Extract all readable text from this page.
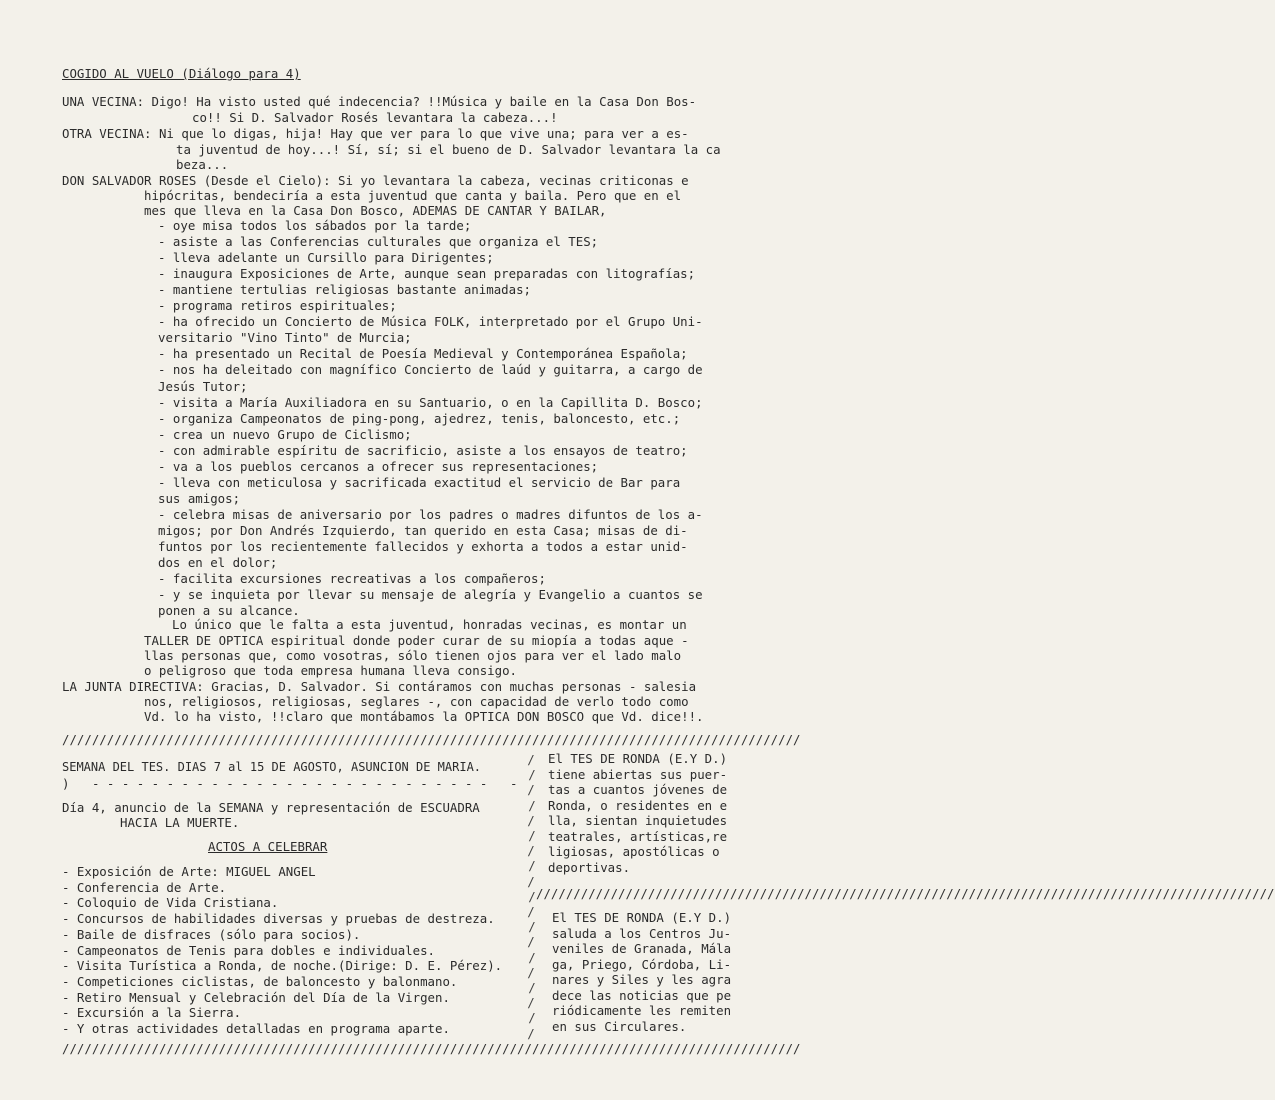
COGIDO AL VUELO (Diálogo para 4)
UNA VECINA: Digo! Ha visto usted qué indecencia? !!Música y baile en la Casa Don Bos-
co!! Si D. Salvador Rosés levantara la cabeza...!
OTRA VECINA: Ni que lo digas, hija! Hay que ver para lo que vive una; para ver a es-
ta juventud de hoy...! Sí, sí; si el bueno de D. Salvador levantara la ca
beza...
DON SALVADOR ROSES (Desde el Cielo): Si yo levantara la cabeza, vecinas criticonas e
hipócritas, bendeciría a esta juventud que canta y baila. Pero que en el
mes que lleva en la Casa Don Bosco, ADEMAS DE CANTAR Y BAILAR,
- oye misa todos los sábados por la tarde;
- asiste a las Conferencias culturales que organiza el TES;
- lleva adelante un Cursillo para Dirigentes;
- inaugura Exposiciones de Arte, aunque sean preparadas con litografías;
- mantiene tertulias religiosas bastante animadas;
- programa retiros espirituales;
- ha ofrecido un Concierto de Música FOLK, interpretado por el Grupo Uni-
versitario "Vino Tinto" de Murcia;
- ha presentado un Recital de Poesía Medieval y Contemporánea Española;
- nos ha deleitado con magnífico Concierto de laúd y guitarra, a cargo de
Jesús Tutor;
- visita a María Auxiliadora en su Santuario, o en la Capillita D. Bosco;
- organiza Campeonatos de ping-pong, ajedrez, tenis, baloncesto, etc.;
- crea un nuevo Grupo de Ciclismo;
- con admirable espíritu de sacrificio, asiste a los ensayos de teatro;
- va a los pueblos cercanos a ofrecer sus representaciones;
- lleva con meticulosa y sacrificada exactitud el servicio de Bar para
sus amigos;
- celebra misas de aniversario por los padres o madres difuntos de los a-
migos; por Don Andrés Izquierdo, tan querido en esta Casa; misas de di-
funtos por los recientemente fallecidos y exhorta a todos a estar unid-
dos en el dolor;
- facilita excursiones recreativas a los compañeros;
- y se inquieta por llevar su mensaje de alegría y Evangelio a cuantos se
ponen a su alcance.
Lo único que le falta a esta juventud, honradas vecinas, es montar un
TALLER DE OPTICA espiritual donde poder curar de su miopía a todas aque -
llas personas que, como vosotras, sólo tienen ojos para ver el lado malo
o peligroso que toda empresa humana lleva consigo.
LA JUNTA DIRECTIVA: Gracias, D. Salvador. Si contáramos con muchas personas - salesia
nos, religiosos, religiosas, seglares -, con capacidad de verlo todo como
Vd. lo ha visto, !!claro que montábamos la OPTICA DON BOSCO que Vd. dice!!.
///////////////////////////////////////////////////////////////////////////////////////////////////
SEMANA DEL TES. DIAS 7 al 15 DE AGOSTO, ASUNCION DE MARIA.
) - - - - - - - - - - - - - - - - - - - - - - - - - - - -
Día 4, anuncio de la SEMANA y representación de ESCUADRA
HACIA LA MUERTE.
ACTOS A CELEBRAR
- Exposición de Arte: MIGUEL ANGEL
- Conferencia de Arte.
- Coloquio de Vida Cristiana.
- Concursos de habilidades diversas y pruebas de destreza.
- Baile de disfraces (sólo para socios).
- Campeonatos de Tenis para dobles e individuales.
- Visita Turística a Ronda, de noche.(Dirige: D. E. Pérez).
- Competiciones ciclistas, de baloncesto y balonmano.
- Retiro Mensual y Celebración del Día de la Virgen.
- Excursión a la Sierra.
- Y otras actividades detalladas en programa aparte.
/
/
/
/
/
/
/
/
/
/
/
/
/
/
/
/
/
/
/
El TES DE RONDA (E.Y D.)
tiene abiertas sus puer-
tas a cuantos jóvenes de
Ronda, o residentes en e
lla, sientan inquietudes
teatrales, artísticas,re
ligiosas, apostólicas o
deportivas.
///////////////////////////////////////////////////////////////////////////////////////////////////
El TES DE RONDA (E.Y D.)
saluda a los Centros Ju-
veniles de Granada, Mála
ga, Priego, Córdoba, Li-
nares y Siles y les agra
dece las noticias que pe
riódicamente les remiten
en sus Circulares.
///////////////////////////////////////////////////////////////////////////////////////////////////
